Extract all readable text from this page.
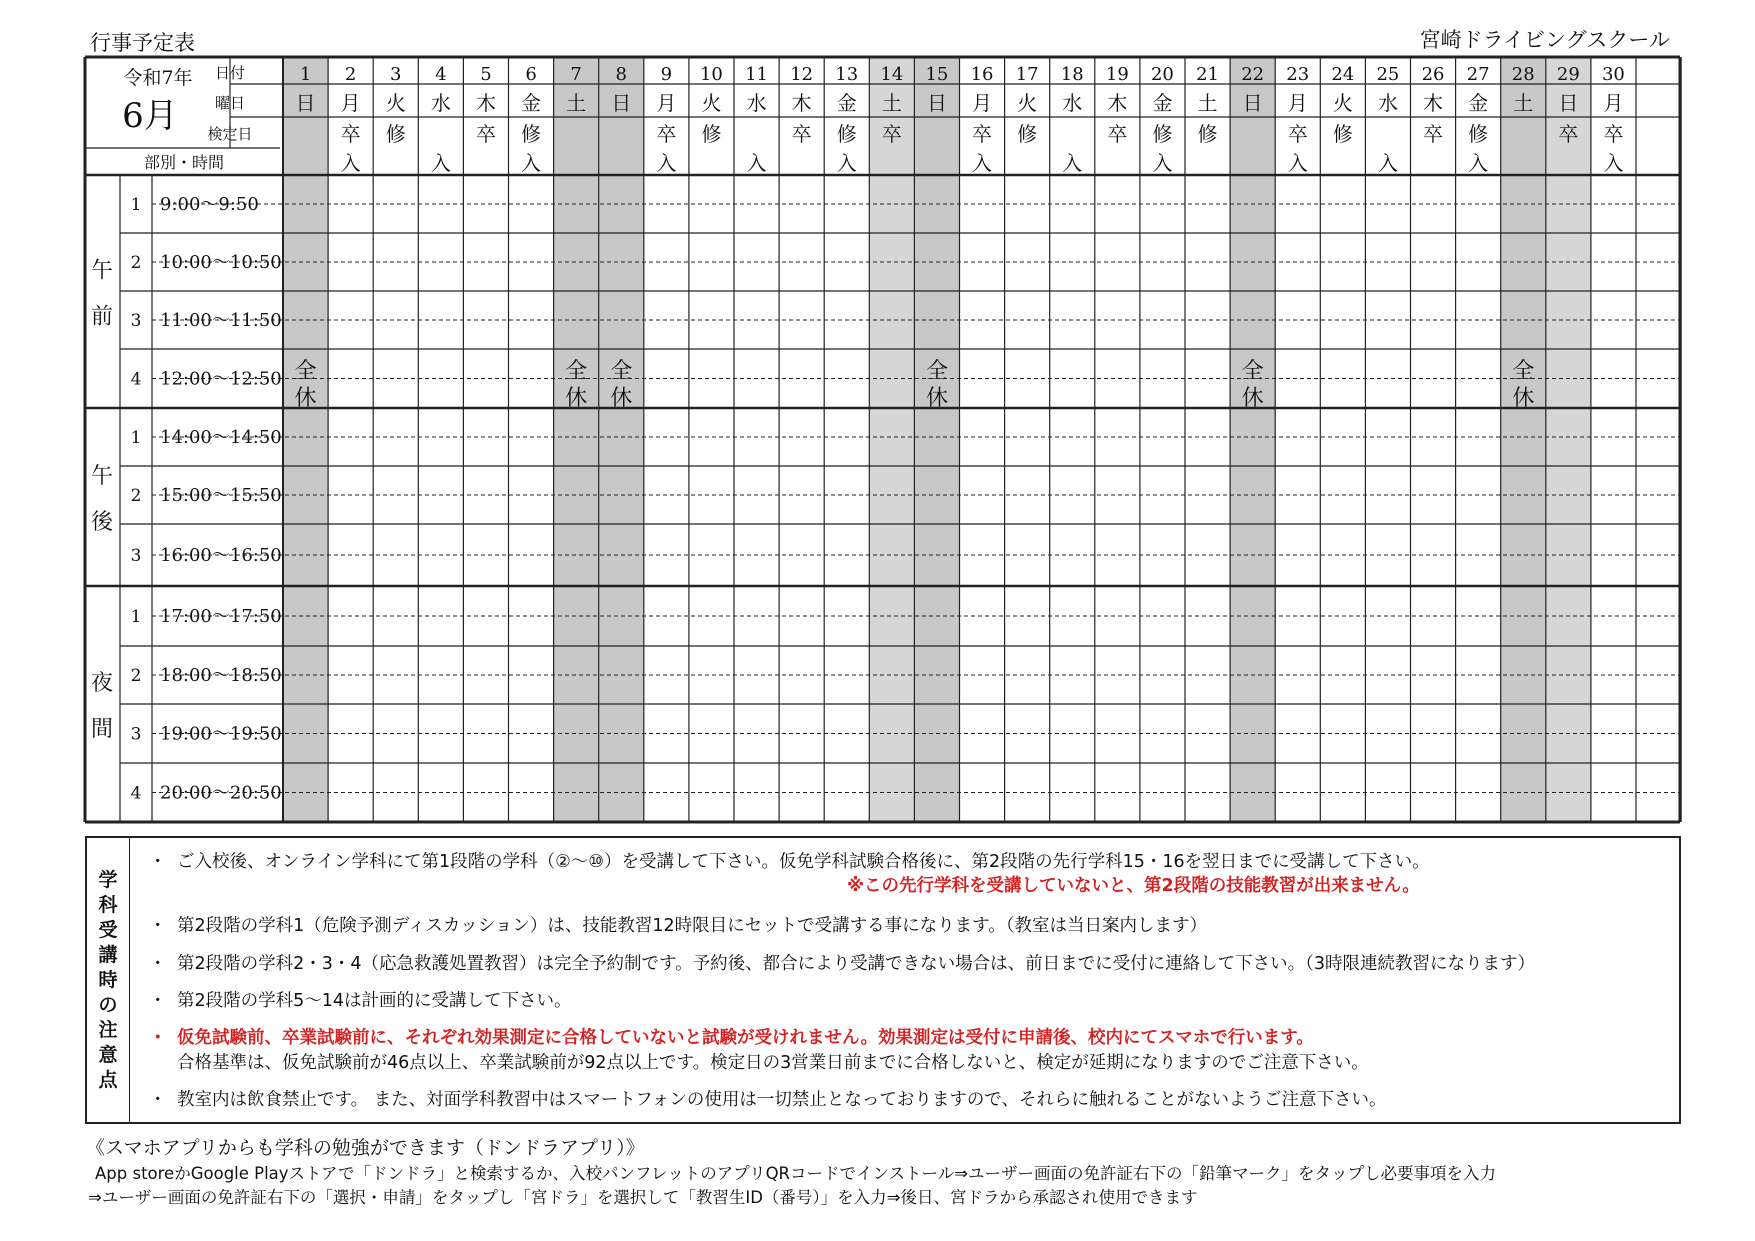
行事予定表	宮崎ドライビングスクール
令和7年
6月
日付
曜日
検定日
部別・時間
1
日
全
休
2
月
卒
入
3
火
修
4
水
入
5
木
卒
6
金
修
入
7
土
全
休
8
日
全
休
9
月
卒
入
10
火
修
11
水
入
12
木
卒
13
金
修
入
14
土
卒
15
日
全
休
16
月
卒
入
17
火
修
18
水
入
19
木
卒
20
金
修
入
21
土
修
22
日
全
休
23
月
卒
入
24
火
修
25
水
入
26
木
卒
27
金
修
入
28
土
全
休
29
日
卒
30
月
卒
入
午
前
1 9:00～9:50
2 10:00～10:50
3 11:00～11:50
4 12:00～12:50
午
後
1 14:00～14:50
2 15:00～15:50
3 16:00～16:50
夜
間
1 17:00～17:50
2 18:00～18:50
3 19:00～19:50
4 20:00～20:50
学
科
受
講
時
の
注
意
点
・ ご入校後、オンライン学科にて第1段階の学科（②～⑩）を受講して下さい。仮免学科試験合格後に、第2段階の先行学科15・16を翌日までに受講して下さい。
※この先行学科を受講していないと、第2段階の技能教習が出来ません。
・ 第2段階の学科1（危険予測ディスカッション）は、技能教習12時限目にセットで受講する事になります。（教室は当日案内します）
・ 第2段階の学科2・3・4（応急救護処置教習）は完全予約制です。予約後、都合により受講できない場合は、前日までに受付に連絡して下さい。（3時限連続教習になります）
・ 第2段階の学科5～14は計画的に受講して下さい。
・ 仮免試験前、卒業試験前に、それぞれ効果測定に合格していないと試験が受けれません。効果測定は受付に申請後、校内にてスマホで行います。
合格基準は、仮免試験前が46点以上、卒業試験前が92点以上です。検定日の3営業日前までに合格しないと、検定が延期になりますのでご注意下さい。
・ 教室内は飲食禁止です。 また、対面学科教習中はスマートフォンの使用は一切禁止となっておりますので、それらに触れることがないようご注意下さい。
《スマホアプリからも学科の勉強ができます（ドンドラアプリ）》
App storeかGoogle Playストアで「ドンドラ」と検索するか、入校パンフレットのアプリQRコードでインストール⇒ユーザー画面の免許証右下の「鉛筆マーク」をタップし必要事項を入力
⇒ユーザー画面の免許証右下の「選択・申請」をタップし「宮ドラ」を選択して「教習生ID（番号）」を入力⇒後日、宮ドラから承認され使用できます
